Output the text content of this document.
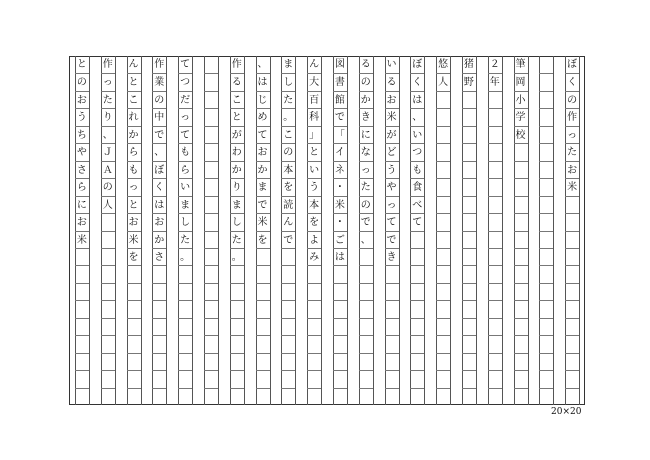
ぼ
く
の
作
っ
た
お
米
筆
岡
小
学
校
２
年
猪
野
悠
人
ぼ
く
は
、
い
つ
も
食
べ
て
い
る
お
米
が
ど
う
や
っ
て
で
き
る
の
か
き
に
な
っ
た
の
で
、
図
書
館
で
「
イ
ネ
・
米
・
ご
は
ん
大
百
科
」
と
い
う
本
を
よ
み
ま
し
た
。
こ
の
本
を
読
ん
で
、
は
じ
め
て
お
か
ま
で
米
を
作
る
こ
と
が
わ
か
り
ま
し
た
。
て
つ
だ
っ
て
も
ら
い
ま
し
た
。
作
業
の
中
で
、
ぼ
く
は
お
か
さ
ん
と
こ
れ
か
ら
も
っ
と
お
米
を
作
っ
た
り
、
Ｊ
Ａ
の
人
と
の
お
う
ち
や
さ
ら
に
お
米
20×20
